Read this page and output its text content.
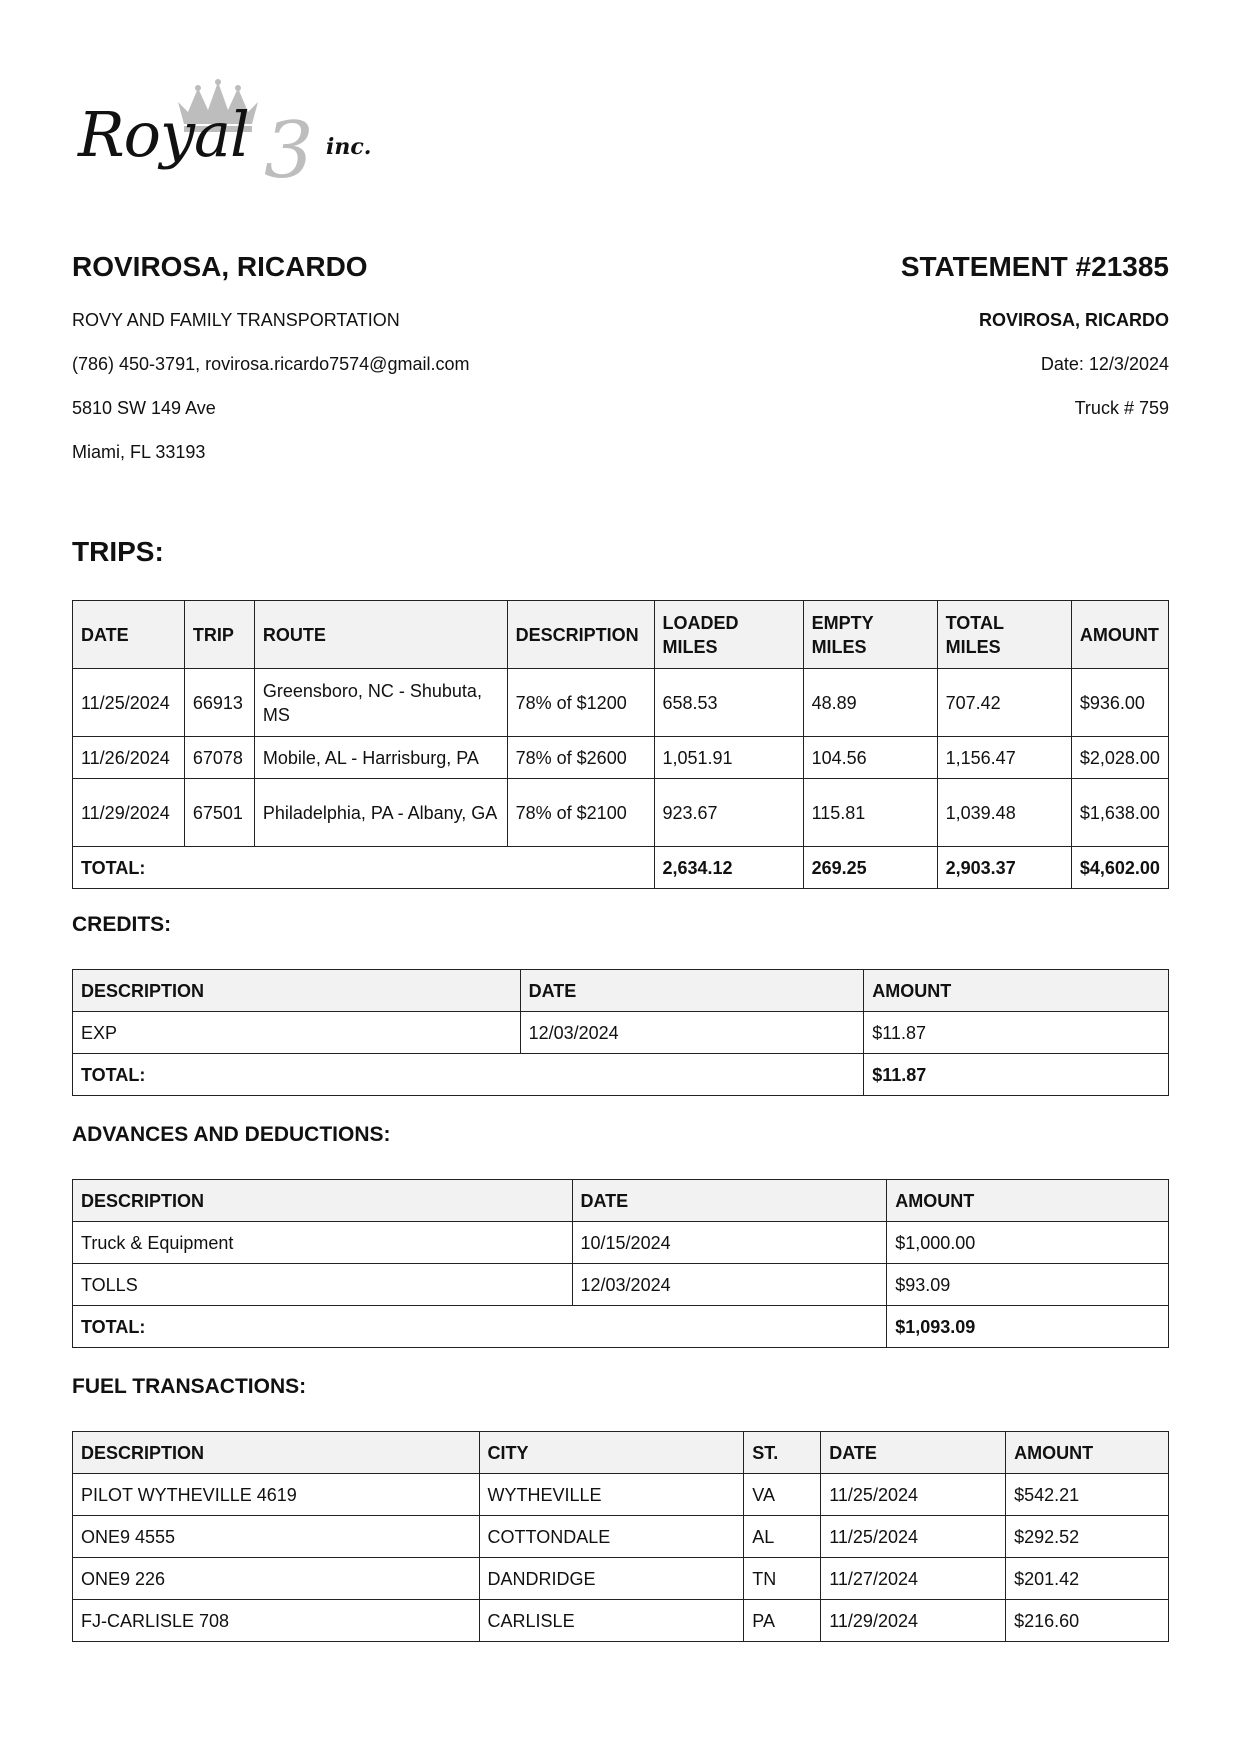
Royal 3 inc.
ROVIROSA, RICARDO
ROVY AND FAMILY TRANSPORTATION
(786) 450-3791, rovirosa.ricardo7574@gmail.com
5810 SW 149 Ave
Miami, FL 33193
STATEMENT #21385
ROVIROSA, RICARDO
Date: 12/3/2024
Truck # 759
TRIPS:
DATE	TRIP	ROUTE	DESCRIPTION	LOADED MILES	EMPTY MILES	TOTAL MILES	AMOUNT
11/25/2024	66913	Greensboro, NC - Shubuta, MS	78% of $1200	658.53	48.89	707.42	$936.00
11/26/2024	67078	Mobile, AL - Harrisburg, PA	78% of $2600	1,051.91	104.56	1,156.47	$2,028.00
11/29/2024	67501	Philadelphia, PA - Albany, GA	78% of $2100	923.67	115.81	1,039.48	$1,638.00
TOTAL:				2,634.12	269.25	2,903.37	$4,602.00
CREDITS:
DESCRIPTION	DATE	AMOUNT
EXP	12/03/2024	$11.87
TOTAL:		$11.87
ADVANCES AND DEDUCTIONS:
DESCRIPTION	DATE	AMOUNT
Truck & Equipment	10/15/2024	$1,000.00
TOLLS	12/03/2024	$93.09
TOTAL:		$1,093.09
FUEL TRANSACTIONS:
DESCRIPTION	CITY	ST.	DATE	AMOUNT
PILOT WYTHEVILLE 4619	WYTHEVILLE	VA	11/25/2024	$542.21
ONE9 4555	COTTONDALE	AL	11/25/2024	$292.52
ONE9 226	DANDRIDGE	TN	11/27/2024	$201.42
FJ-CARLISLE 708	CARLISLE	PA	11/29/2024	$216.60
